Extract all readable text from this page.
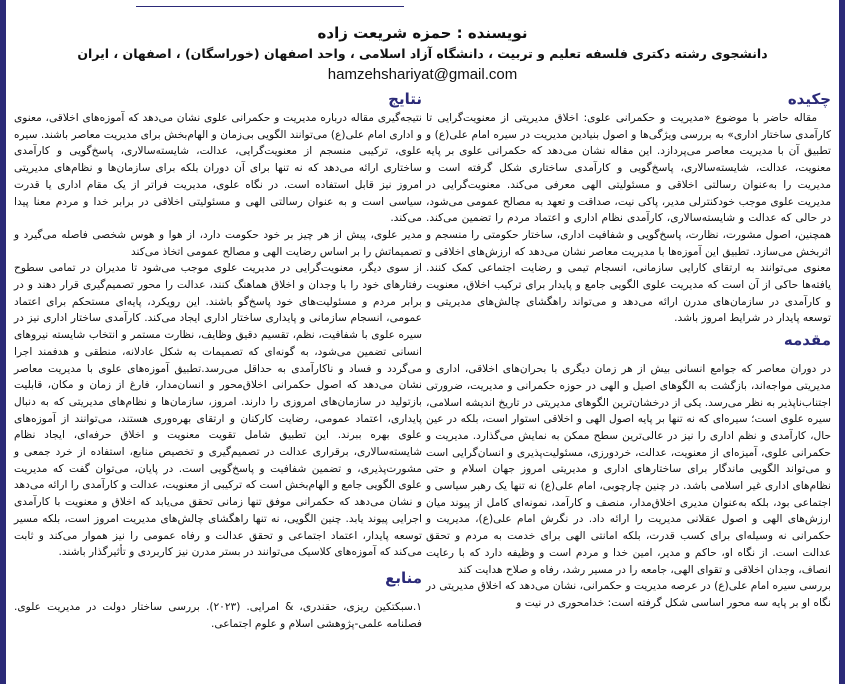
نویسنده : حمزه شریعت زاده
دانشجوی رشته دکتری فلسفه تعلیم و تربیت ، دانشگاه آزاد اسلامی ، واحد اصفهان (خوراسگان) ، اصفهان ، ایران
hamzehshariyat@gmail.com
چکیده

مقاله حاضر با موضوع «مدیریت و حکمرانی علوی: اخلاق مدیریتی از معنویت‌گرایی تا کارآمدی ساختار اداری» به بررسی ویژگی‌ها و اصول بنیادین مدیریت در سیره امام علی(ع) و تطبیق آن با مدیریت معاصر می‌پردازد. این مقاله نشان می‌دهد که حکمرانی علوی بر پایه معنویت، عدالت، شایسته‌سالاری، پاسخ‌گویی و کارآمدی ساختاری شکل گرفته است و مدیریت را به‌عنوان رسالتی اخلاقی و مسئولیتی الهی معرفی می‌کند. معنویت‌گرایی در مدیریت علوی موجب خودکنترلی مدیر، پاکی نیت، صداقت و تعهد به مصالح عمومی می‌شود، در حالی که عدالت و شایسته‌سالاری، کارآمدی نظام اداری و اعتماد مردم را تضمین می‌کند. همچنین، اصول مشورت، نظارت، پاسخ‌گویی و شفافیت اداری، ساختار حکومتی را منسجم و اثربخش می‌سازد. تطبیق این آموزه‌ها با مدیریت معاصر نشان می‌دهد که ارزش‌های اخلاقی و معنوی می‌توانند به ارتقای کارایی سازمانی، انسجام تیمی و رضایت اجتماعی کمک کنند. یافته‌ها حاکی از آن است که مدیریت علوی الگویی جامع و پایدار برای ترکیب اخلاق، معنویت و کارآمدی در سازمان‌های مدرن ارائه می‌دهد و می‌تواند راهگشای چالش‌های مدیریتی و توسعه پایدار در شرایط امروز باشد.

مقدمه

در دوران معاصر که جوامع انسانی بیش از هر زمان دیگری با بحران‌های اخلاقی، اداری و مدیریتی مواجه‌اند، بازگشت به الگوهای اصیل و الهی در حوزه حکمرانی و مدیریت، ضرورتی اجتناب‌ناپذیر به نظر می‌رسد. یکی از درخشان‌ترین الگوهای مدیریتی در تاریخ اندیشه اسلامی، سیره علوی است؛ سیره‌ای که نه تنها بر پایه اصول الهی و اخلاقی استوار است، بلکه در عین حال، کارآمدی و نظم اداری را نیز در عالی‌ترین سطح ممکن به نمایش می‌گذارد. مدیریت و حکمرانی علوی، آمیزه‌ای از معنویت، عدالت، خردورزی، مسئولیت‌پذیری و انسان‌گرایی است و می‌تواند الگویی ماندگار برای ساختارهای اداری و مدیریتی امروز جهان اسلام و حتی نظام‌های اداری غیر اسلامی باشد. در چنین چارچوبی، امام علی(ع) نه تنها یک رهبر سیاسی و اجتماعی بود، بلکه به‌عنوان مدیری اخلاق‌مدار، منصف و کارآمد، نمونه‌ای کامل از پیوند میان ارزش‌های الهی و اصول عقلانی مدیریت را ارائه داد. در نگرش امام علی(ع)، مدیریت و حکمرانی نه وسیله‌ای برای کسب قدرت، بلکه امانتی الهی برای خدمت به مردم و تحقق عدالت است. از نگاه او، حاکم و مدیر، امین خدا و مردم است و وظیفه دارد که با رعایت انصاف، وجدان اخلاقی و تقوای الهی، جامعه را در مسیر رشد، رفاه و صلاح هدایت کند

بررسی سیره امام علی(ع) در عرصه مدیریت و حکمرانی، نشان می‌دهد که اخلاق مدیریتی در نگاه او بر پایه سه محور اساسی شکل گرفته است: خدامحوری در نیت و

نتایج

نتیجه‌گیری مقاله درباره مدیریت و حکمرانی علوی نشان می‌دهد که آموزه‌های اخلاقی، معنوی و اداری امام علی(ع) می‌توانند الگویی بی‌زمان و الهام‌بخش برای مدیریت معاصر باشند. سیره علوی، ترکیبی منسجم از معنویت‌گرایی، عدالت، شایسته‌سالاری، پاسخ‌گویی و کارآمدی ساختاری ارائه می‌دهد که نه تنها برای آن دوران بلکه برای سازمان‌ها و نظام‌های مدیریتی امروز نیز قابل استفاده است. در نگاه علوی، مدیریت فراتر از یک مقام اداری یا قدرت سیاسی است و به عنوان رسالتی الهی و مسئولیتی اخلاقی در برابر خدا و مردم معنا پیدا می‌کند.

مدیر علوی، پیش از هر چیز بر خود حکومت دارد، از هوا و هوس شخصی فاصله می‌گیرد و تصمیماتش را بر اساس رضایت الهی و مصالح عمومی اتخاذ می‌کند

از سوی دیگر، معنویت‌گرایی در مدیریت علوی موجب می‌شود تا مدیران در تمامی سطوح رفتارهای خود را با وجدان و اخلاق هماهنگ کنند، عدالت را محور تصمیم‌گیری قرار دهند و در برابر مردم و مسئولیت‌های خود پاسخ‌گو باشند. این رویکرد، پایه‌ای مستحکم برای اعتماد عمومی، انسجام سازمانی و پایداری ساختار اداری ایجاد می‌کند. کارآمدی ساختار اداری نیز در سیره علوی با شفافیت، نظم، تقسیم دقیق وظایف، نظارت مستمر و انتخاب شایسته نیروهای انسانی تضمین می‌شود، به گونه‌ای که تصمیمات به شکل عادلانه، منطقی و هدفمند اجرا می‌گردد و فساد و ناکارآمدی به حداقل می‌رسد.تطبیق آموزه‌های علوی با مدیریت معاصر نشان می‌دهد که اصول حکمرانی اخلاق‌محور و انسان‌مدار، فارغ از زمان و مکان، قابلیت بازتولید در سازمان‌های امروزی را دارند. امروز، سازمان‌ها و نظام‌های مدیریتی که به دنبال پایداری، اعتماد عمومی، رضایت کارکنان و ارتقای بهره‌وری هستند، می‌توانند از آموزه‌های علوی بهره ببرند. این تطبیق شامل تقویت معنویت و اخلاق حرفه‌ای، ایجاد نظام شایسته‌سالاری، برقراری عدالت در تصمیم‌گیری و تخصیص منابع، استفاده از خرد جمعی و مشورت‌پذیری، و تضمین شفافیت و پاسخ‌گویی است. در پایان، می‌توان گفت که مدیریت علوی الگویی جامع و الهام‌بخش است که ترکیبی از معنویت، عدالت و کارآمدی را ارائه می‌دهد و نشان می‌دهد که حکمرانی موفق تنها زمانی تحقق می‌یابد که اخلاق و معنویت با کارآمدی اجرایی پیوند یابد. چنین الگویی، نه تنها راهگشای چالش‌های مدیریت امروز است، بلکه مسیر توسعه پایدار، اعتماد اجتماعی و تحقق عدالت و رفاه عمومی را نیز هموار می‌کند و ثابت می‌کند که آموزه‌های کلاسیک می‌توانند در بستر مدرن نیز کاربردی و تأثیرگذار باشند.

منابع

۱.سبکتکین ریزی، حقندری، & امرایی. (۲۰۲۳). بررسی ساختار دولت در مدیریت علوی. فصلنامه علمی-پژوهشی اسلام و علوم اجتماعی.
